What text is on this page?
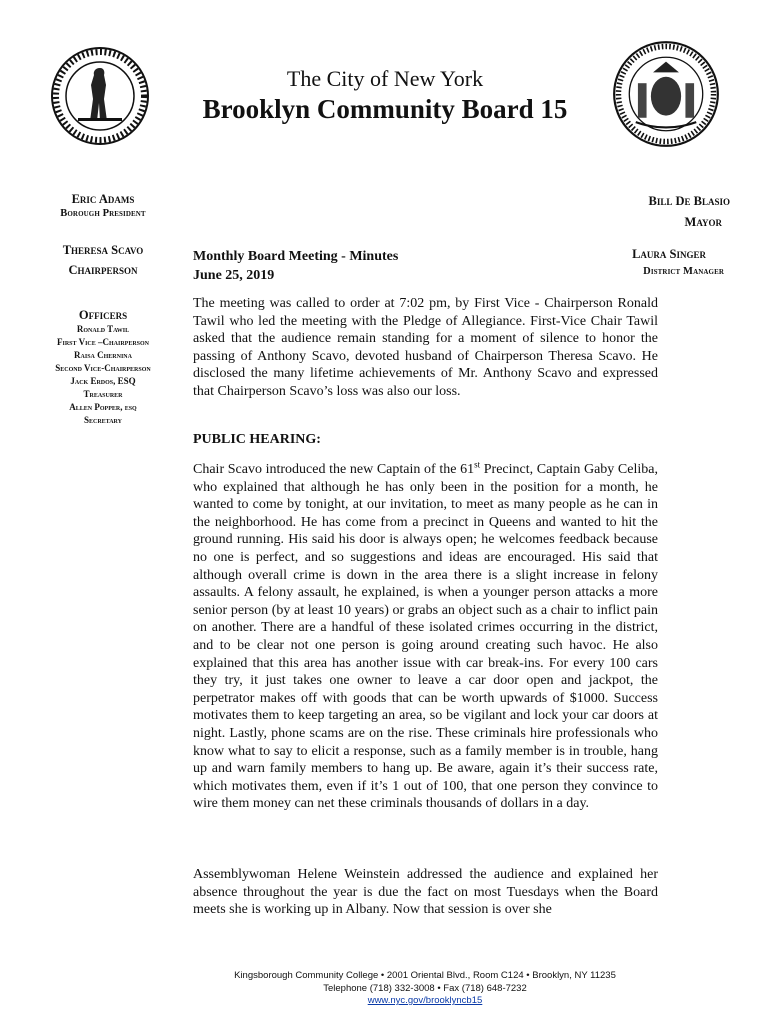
The City of New York
Brooklyn Community Board 15
Eric Adams
Borough President
Theresa Scavo
Chairperson
Officers
Ronald Tawil
First Vice –Chairperson
Raisa Chernina
Second Vice-Chairperson
Jack Erdos, ESQ
Treasurer
Allen Popper, esq
Secretary
Bill De Blasio
Mayor
Laura Singer
District Manager
Monthly Board Meeting - Minutes
June 25, 2019
The meeting was called to order at 7:02 pm, by First Vice - Chairperson Ronald Tawil who led the meeting with the Pledge of Allegiance. First-Vice Chair Tawil asked that the audience remain standing for a moment of silence to honor the passing of Anthony Scavo, devoted husband of Chairperson Theresa Scavo. He disclosed the many lifetime achievements of Mr. Anthony Scavo and expressed that Chairperson Scavo’s loss was also our loss.
PUBLIC HEARING:
Chair Scavo introduced the new Captain of the 61st Precinct, Captain Gaby Celiba, who explained that although he has only been in the position for a month, he wanted to come by tonight, at our invitation, to meet as many people as he can in the neighborhood. He has come from a precinct in Queens and wanted to hit the ground running. His said his door is always open; he welcomes feedback because no one is perfect, and so suggestions and ideas are encouraged. His said that although overall crime is down in the area there is a slight increase in felony assaults. A felony assault, he explained, is when a younger person attacks a more senior person (by at least 10 years) or grabs an object such as a chair to inflict pain on another. There are a handful of these isolated crimes occurring in the district, and to be clear not one person is going around creating such havoc. He also explained that this area has another issue with car break-ins. For every 100 cars they try, it just takes one owner to leave a car door open and jackpot, the perpetrator makes off with goods that can be worth upwards of $1000. Success motivates them to keep targeting an area, so be vigilant and lock your car doors at night. Lastly, phone scams are on the rise. These criminals hire professionals who know what to say to elicit a response, such as a family member is in trouble, hang up and warn family members to hang up. Be aware, again it’s their success rate, which motivates them, even if it’s 1 out of 100, that one person they convince to wire them money can net these criminals thousands of dollars in a day.
Assemblywoman Helene Weinstein addressed the audience and explained her absence throughout the year is due the fact on most Tuesdays when the Board meets she is working up in Albany. Now that session is over she
Kingsborough Community College • 2001 Oriental Blvd., Room C124 • Brooklyn, NY 11235
Telephone (718) 332-3008 • Fax (718) 648-7232
www.nyc.gov/brooklyncb15
